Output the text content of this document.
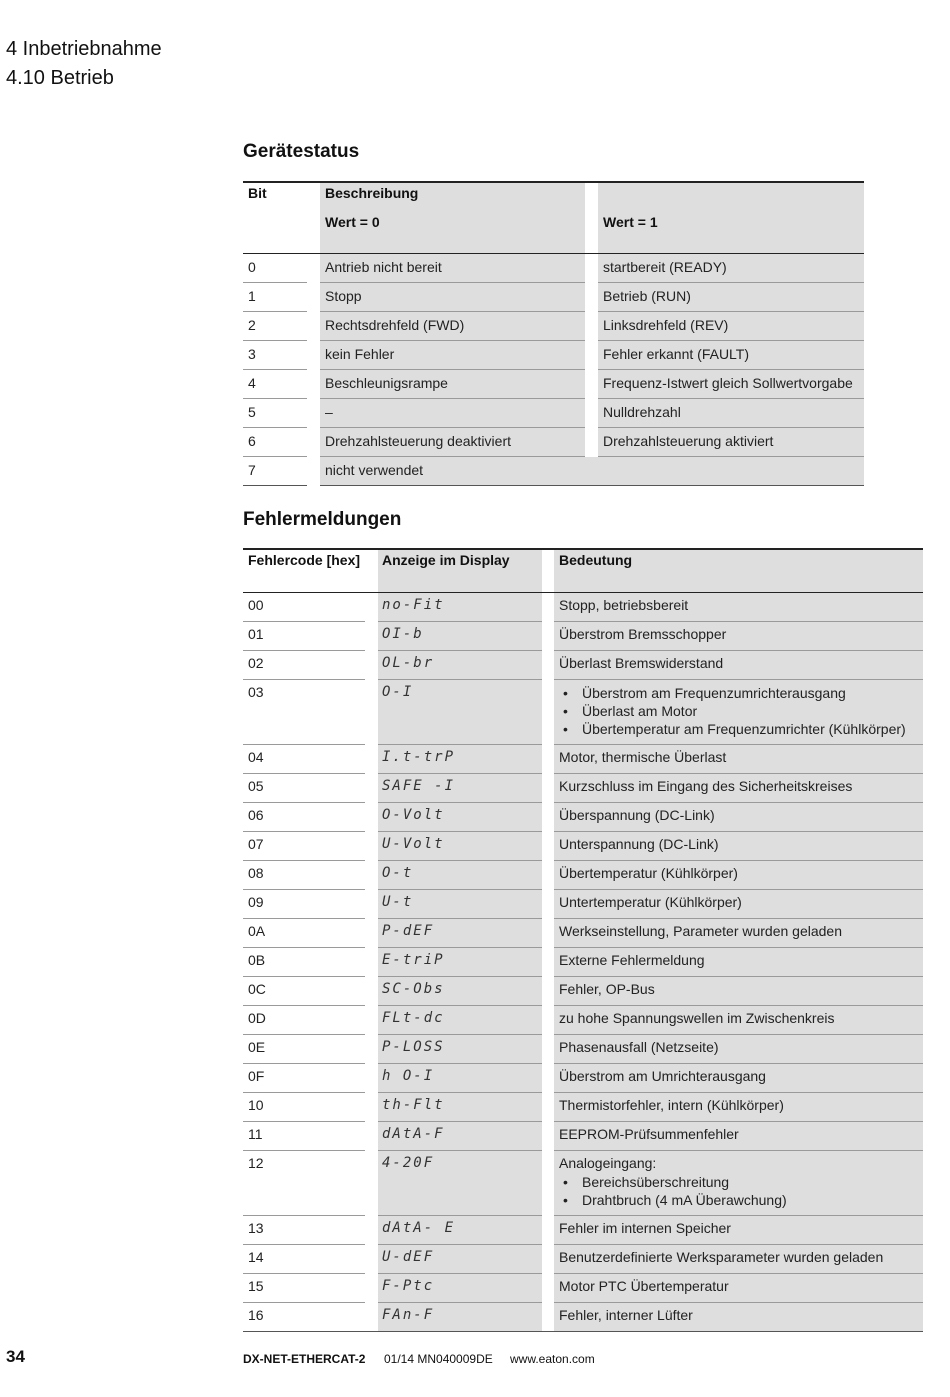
4 Inbetriebnahme
4.10 Betrieb
Gerätestatus
Bit	Beschreibung
Wert = 0	Wert = 1
0	Antrieb nicht bereit	startbereit (READY)
1	Stopp	Betrieb (RUN)
2	Rechtsdrehfeld (FWD)	Linksdrehfeld (REV)
3	kein Fehler	Fehler erkannt (FAULT)
4	Beschleunigsrampe	Frequenz-Istwert gleich Sollwertvorgabe
5	–	Nulldrehzahl
6	Drehzahlsteuerung deaktiviert	Drehzahlsteuerung aktiviert
7	nicht verwendet
Fehlermeldungen
Fehlercode [hex] Anzeige im Display	Bedeutung
00	no-Fit	Stopp, betriebsbereit
01	OI-b	Überstrom Bremsschopper
02	OL-br	Überlast Bremswiderstand
03	O-I
•	Überstrom am Frequenzumrichterausgang
• Überlast am Motor
• Übertemperatur am Frequenzumrichter (Kühlkörper)
04	I.t-trP	Motor, thermische Überlast
05	SAFE -I	Kurzschluss im Eingang des Sicherheitskreises
06	O-Volt	Überspannung (DC-Link)
07	U-Volt	Unterspannung (DC-Link)
08	O-t	Übertemperatur (Kühlkörper)
09	U-t	Untertemperatur (Kühlkörper)
0A	P-dEF	Werkseinstellung, Parameter wurden geladen
0B	E-triP	Externe Fehlermeldung
0C	SC-Obs	Fehler, OP-Bus
0D	FLt-dc	zu hohe Spannungswellen im Zwischenkreis
0E	P-LOSS	Phasenausfall (Netzseite)
0F	h O-I	Überstrom am Umrichterausgang
10	th-Flt	Thermistorfehler, intern (Kühlkörper)
11	dAtA-F	EEPROM-Prüfsummenfehler
12	4-20F	Analogeingang:
• Bereichsüberschreitung
• Drahtbruch (4 mA Überawchung)
13	dAtA- E	Fehler im internen Speicher
14	U-dEF	Benutzerdefinierte Werksparameter wurden geladen
15	F-Ptc	Motor PTC Übertemperatur
16	FAn-F	Fehler, interner Lüfter
34	DX-NET-ETHERCAT-2 01/14 MN040009DE www.eaton.com
